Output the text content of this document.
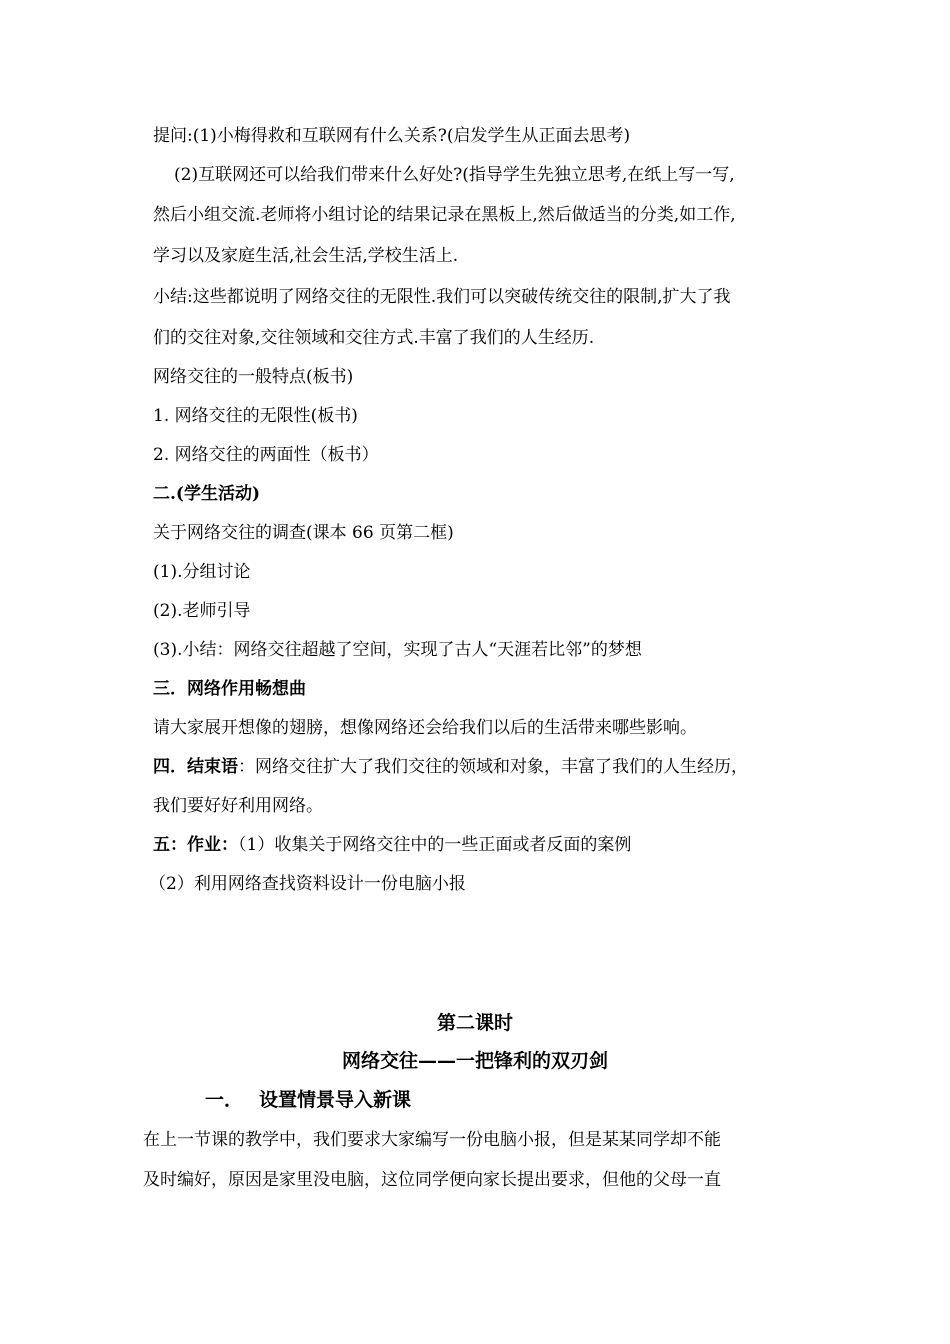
提问:(1)小梅得救和互联网有什么关系?(启发学生从正面去思考)
(2)互联网还可以给我们带来什么好处?(指导学生先独立思考,在纸上写一写,
然后小组交流.老师将小组讨论的结果记录在黑板上,然后做适当的分类,如工作,
学习以及家庭生活,社会生活,学校生活上.
小结:这些都说明了网络交往的无限性.我们可以突破传统交往的限制,扩大了我
们的交往对象,交往领域和交往方式.丰富了我们的人生经历.
网络交往的一般特点(板书)
1. 网络交往的无限性(板书)
2. 网络交往的两面性（板书）
二.(学生活动)
关于网络交往的调查(课本 66 页第二框)
(1).分组讨论
(2).老师引导
(3).小结：网络交往超越了空间，实现了古人“天涯若比邻”的梦想
三．网络作用畅想曲
请大家展开想像的翅膀，想像网络还会给我们以后的生活带来哪些影响。
四．结束语：网络交往扩大了我们交往的领域和对象，丰富了我们的人生经历，
我们要好好利用网络。
五：作业：（1）收集关于网络交往中的一些正面或者反面的案例
（2）利用网络查找资料设计一份电脑小报
第二课时
网络交往——一把锋利的双刃剑
一． 设置情景导入新课
在上一节课的教学中，我们要求大家编写一份电脑小报，但是某某同学却不能
及时编好，原因是家里没电脑，这位同学便向家长提出要求，但他的父母一直
